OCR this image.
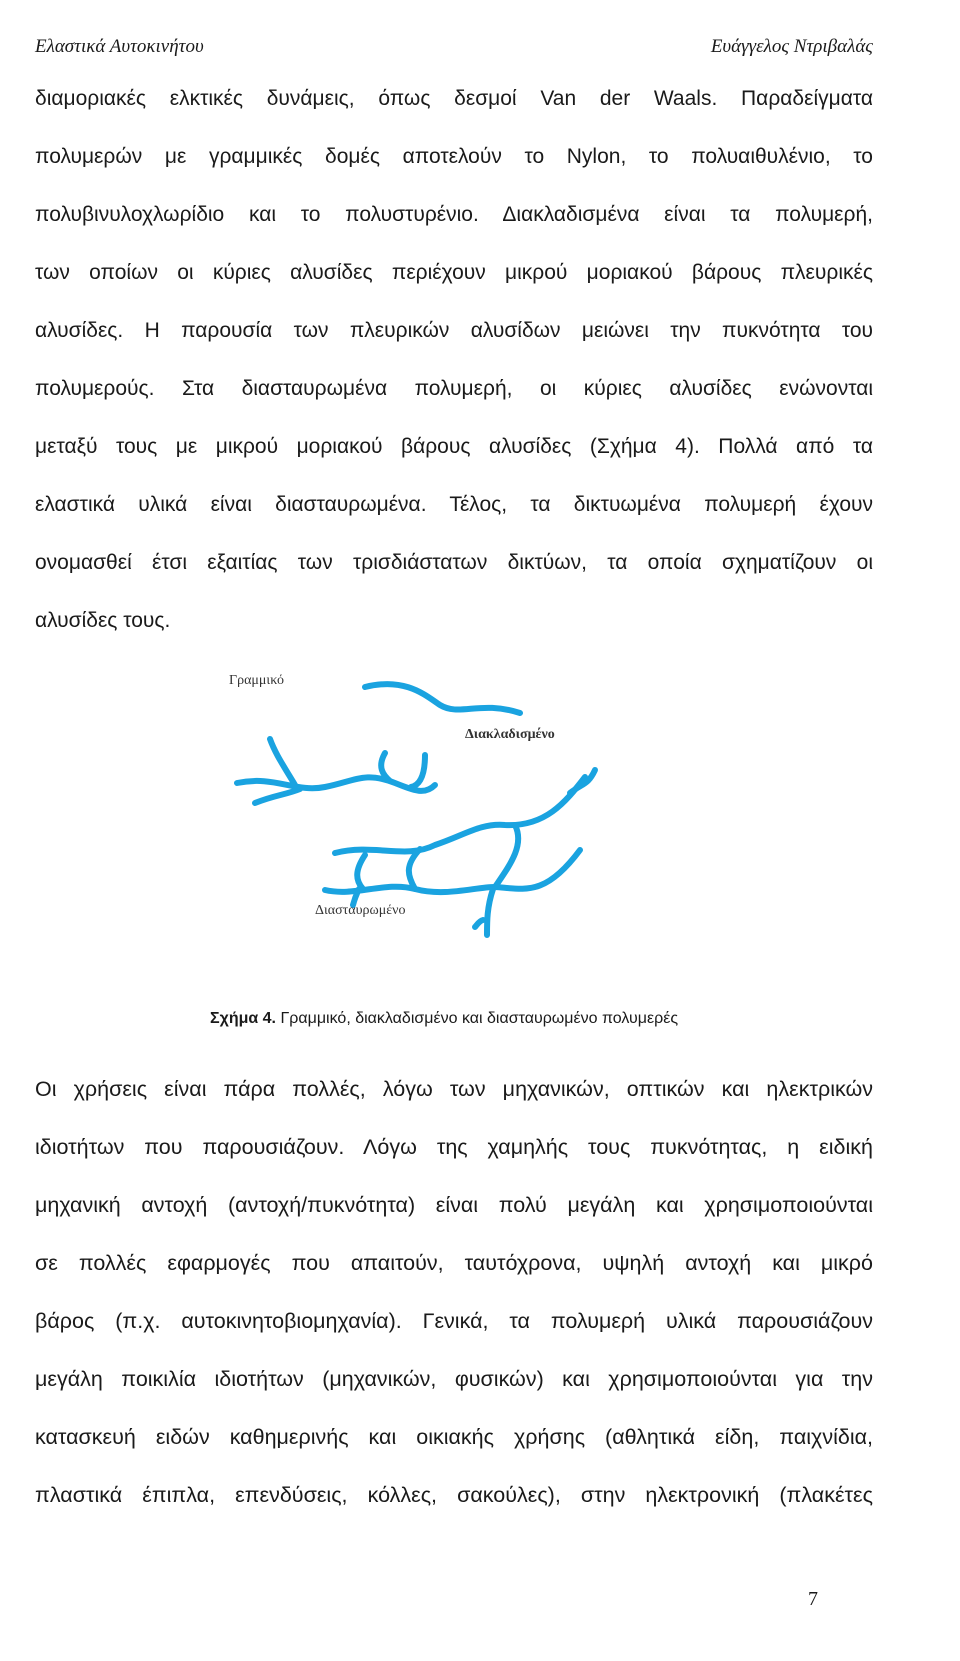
Ελαστικά Αυτοκινήτου	Ευάγγελος Ντριβαλάς
διαμοριακές ελκτικές δυνάμεις, όπως δεσμοί Van der Waals. Παραδείγματα
πολυμερών με γραμμικές δομές αποτελούν το Nylon, το πολυαιθυλένιο, το
πολυβινυλοχλωρίδιο και το πολυστυρένιο. Διακλαδισμένα είναι τα πολυμερή,
των οποίων οι κύριες αλυσίδες περιέχουν μικρού μοριακού βάρους πλευρικές
αλυσίδες. Η παρουσία των πλευρικών αλυσίδων μειώνει την πυκνότητα του
πολυμερούς. Στα διασταυρωμένα πολυμερή, οι κύριες αλυσίδες ενώνονται
μεταξύ τους με μικρού μοριακού βάρους αλυσίδες (Σχήμα 4). Πολλά από τα
ελαστικά υλικά είναι διασταυρωμένα. Τέλος, τα δικτυωμένα πολυμερή έχουν
ονομασθεί έτσι εξαιτίας των τρισδιάστατων δικτύων, τα οποία σχηματίζουν οι
αλυσίδες τους.
Γραμμικό
Διακλαδισμένο
Διασταυρωμένο
Σχήμα 4. Γραμμικό, διακλαδισμένο και διασταυρωμένο πολυμερές
Οι χρήσεις είναι πάρα πολλές, λόγω των μηχανικών, οπτικών και ηλεκτρικών
ιδιοτήτων που παρουσιάζουν. Λόγω της χαμηλής τους πυκνότητας, η ειδική
μηχανική αντοχή (αντοχή/πυκνότητα) είναι πολύ μεγάλη και χρησιμοποιούνται
σε πολλές εφαρμογές που απαιτούν, ταυτόχρονα, υψηλή αντοχή και μικρό
βάρος (π.χ. αυτοκινητοβιομηχανία). Γενικά, τα πολυμερή υλικά παρουσιάζουν
μεγάλη ποικιλία ιδιοτήτων (μηχανικών, φυσικών) και χρησιμοποιούνται για την
κατασκευή ειδών καθημερινής και οικιακής χρήσης (αθλητικά είδη, παιχνίδια,
πλαστικά έπιπλα, επενδύσεις, κόλλες, σακούλες), στην ηλεκτρονική (πλακέτες
7
